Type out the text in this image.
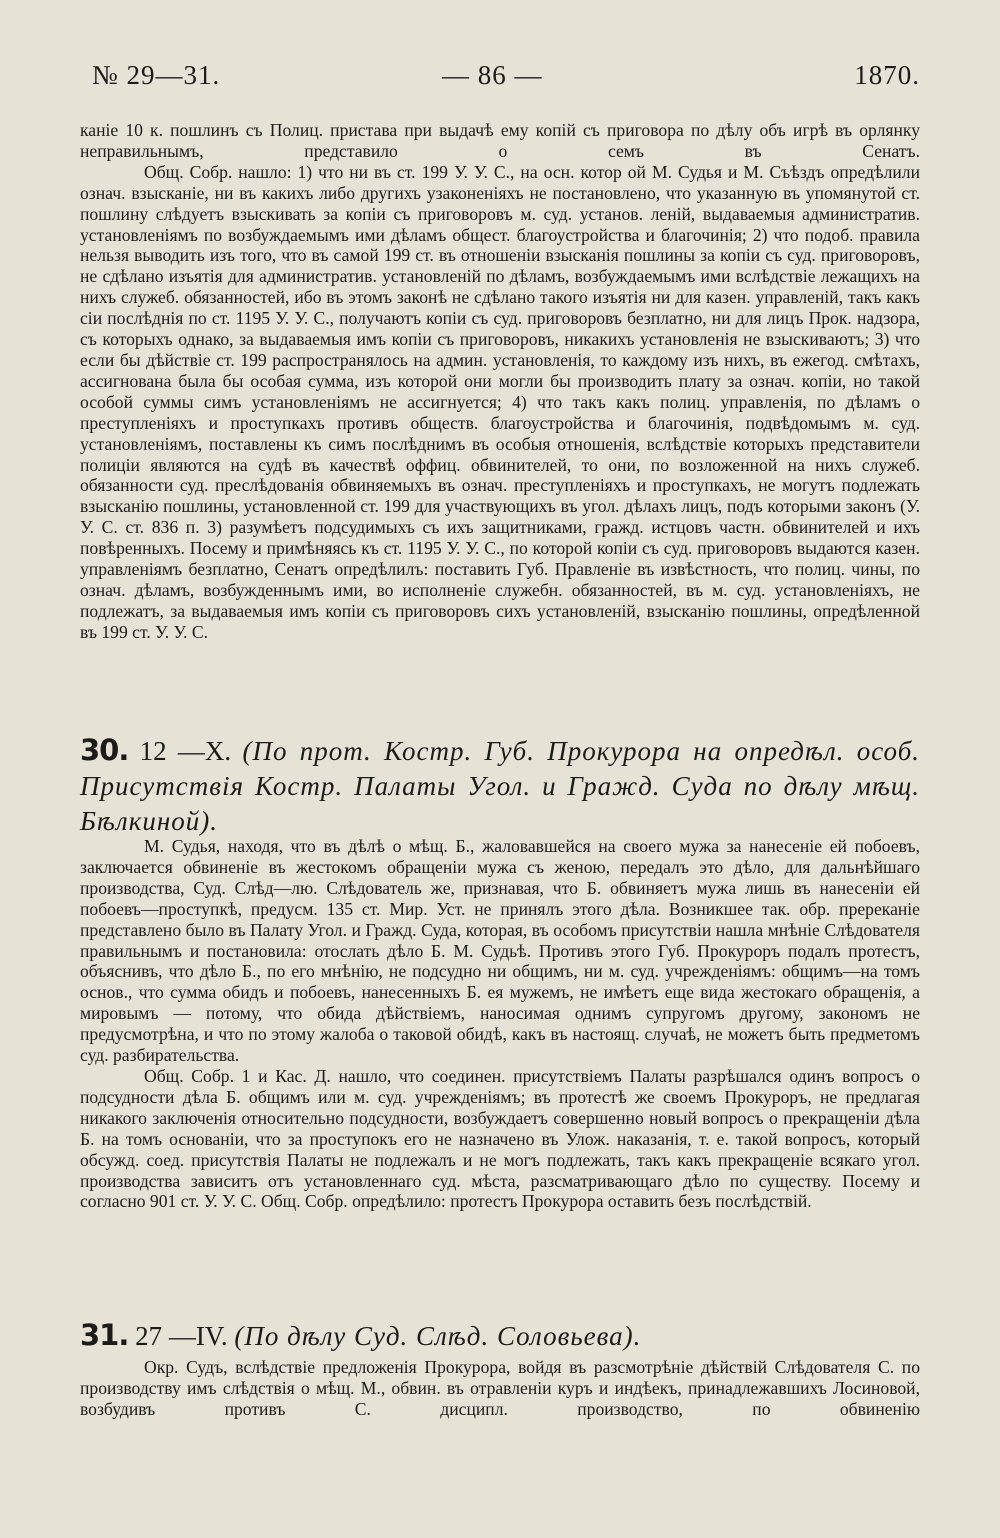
№ 29—31.	— 86 —	1870.

каніе 10 к. пошлинъ съ Полиц. пристава при выдачѣ ему копій съ приговора по дѣлу объ игрѣ въ орлянку неправильнымъ, представило о семъ въ Сенатъ.

Общ. Собр. нашло: 1) что ни въ ст. 199 У. У. С., на осн. котор ой М. Судья и М. Съѣздъ опредѣлили означ. взысканіе, ни въ какихъ либо другихъ узаконеніяхъ не постановлено, что указанную въ упомянутой ст. пошлину слѣдуетъ взыскивать за копіи съ приговоровъ м. суд. установ. леній, выдаваемыя административ. установленіямъ по возбуждаемымъ ими дѣламъ общест. благоустройства и благочинія; 2) что подоб. правила нельзя выводить изъ того, что въ самой 199 ст. въ отношеніи взысканія пошлины за копіи съ суд. приговоровъ, не сдѣлано изъятія для административ. установленій по дѣламъ, возбуждаемымъ ими вслѣдствіе лежащихъ на нихъ служеб. обязанностей, ибо въ этомъ законѣ не сдѣлано такого изъятія ни для казен. управленій, такъ какъ сіи послѣднія по ст. 1195 У. У. С., получаютъ копіи съ суд. приговоровъ безплатно, ни для лицъ Прок. надзора, съ которыхъ однако, за выдаваемыя имъ копіи съ приговоровъ, никакихъ установленія не взыскиваютъ; 3) что если бы дѣйствіе ст. 199 распространялось на админ. установленія, то каждому изъ нихъ, въ ежегод. смѣтахъ, ассигнована была бы особая сумма, изъ которой они могли бы производить плату за означ. копіи, но такой особой суммы симъ установленіямъ не ассигнуется; 4) что такъ какъ полиц. управленія, по дѣламъ о преступленіяхъ и проступкахъ противъ обществ. благоустройства и благочинія, подвѣдомымъ м. суд. установленіямъ, поставлены къ симъ послѣднимъ въ особыя отношенія, вслѣдствіе которыхъ представители полиціи являются на судѣ въ качествѣ оффиц. обвинителей, то они, по возложенной на нихъ служеб. обязанности суд. преслѣдованія обвиняемыхъ въ означ. преступленіяхъ и проступкахъ, не могутъ подлежать взысканію пошлины, установленной ст. 199 для участвующихъ въ угол. дѣлахъ лицъ, подъ которыми законъ (У. У. С. ст. 836 п. 3) разумѣетъ подсудимыхъ съ ихъ защитниками, гражд. истцовъ частн. обвинителей и ихъ повѣренныхъ. Посему и примѣняясь къ ст. 1195 У. У. С., по которой копіи съ суд. приговоровъ выдаются казен. управленіямъ безплатно, Сенатъ опредѣлилъ: поставить Губ. Правленіе въ извѣстность, что полиц. чины, по означ. дѣламъ, возбужденнымъ ими, во исполненіе служебн. обязанностей, въ м. суд. установленіяхъ, не подлежатъ, за выдаваемыя имъ копіи съ приговоровъ сихъ установленій, взысканію пошлины, опредѣленной въ 199 ст. У. У. С.

30. 12 —X. (По прот. Костр. Губ. Прокурора на опредѣл. особ. Присутствія Костр. Палаты Угол. и Гражд. Суда по дѣлу мѣщ. Бѣлкиной).

М. Судья, находя, что въ дѣлѣ о мѣщ. Б., жаловавшейся на своего мужа за нанесеніе ей побоевъ, заключается обвиненіе въ жестокомъ обращеніи мужа съ женою, передалъ это дѣло, для дальнѣйшаго производства, Суд. Слѣд—лю. Слѣдователь же, признавая, что Б. обвиняетъ мужа лишь въ нанесеніи ей побоевъ—проступкѣ, предусм. 135 ст. Мир. Уст. не принялъ этого дѣла. Возникшее так. обр. пререканіе представлено было въ Палату Угол. и Гражд. Суда, которая, въ особомъ присутствіи нашла мнѣніе Слѣдователя правильнымъ и постановила: отослать дѣло Б. М. Судьѣ. Противъ этого Губ. Прокуроръ подалъ протестъ, объяснивъ, что дѣло Б., по его мнѣнію, не подсудно ни общимъ, ни м. суд. учрежденіямъ: общимъ—на томъ основ., что сумма обидъ и побоевъ, нанесенныхъ Б. ея мужемъ, не имѣетъ еще вида жестокаго обращенія, а мировымъ — потому, что обида дѣйствіемъ, наносимая однимъ супругомъ другому, закономъ не предусмотрѣна, и что по этому жалоба о таковой обидѣ, какъ въ настоящ. случаѣ, не можетъ быть предметомъ суд. разбирательства.

Общ. Собр. 1 и Кас. Д. нашло, что соединен. присутствіемъ Палаты разрѣшался одинъ вопросъ о подсудности дѣла Б. общимъ или м. суд. учрежденіямъ; въ протестѣ же своемъ Прокуроръ, не предлагая никакого заключенія относительно подсудности, возбуждаетъ совершенно новый вопросъ о прекращеніи дѣла Б. на томъ основаніи, что за проступокъ его не назначено въ Улож. наказанія, т. е. такой вопросъ, который обсужд. соед. присутствія Палаты не подлежалъ и не могъ подлежать, такъ какъ прекращеніе всякаго угол. производства зависитъ отъ установленнаго суд. мѣста, разсматривающаго дѣло по существу. Посему и согласно 901 ст. У. У. С. Общ. Собр. опредѣлило: протестъ Прокурора оставить безъ послѣдствій.

31. 27 —IV. (По дѣлу Суд. Слѣд. Соловьева).

Окр. Судъ, вслѣдствіе предложенія Прокурора, войдя въ разсмотрѣніе дѣйствій Слѣдователя С. по производству имъ слѣдствія о мѣщ. М., обвин. въ отравленіи куръ и индѣекъ, принадлежавшихъ Лосиновой, возбудивъ противъ С. дисципл. производство, по обвиненію
